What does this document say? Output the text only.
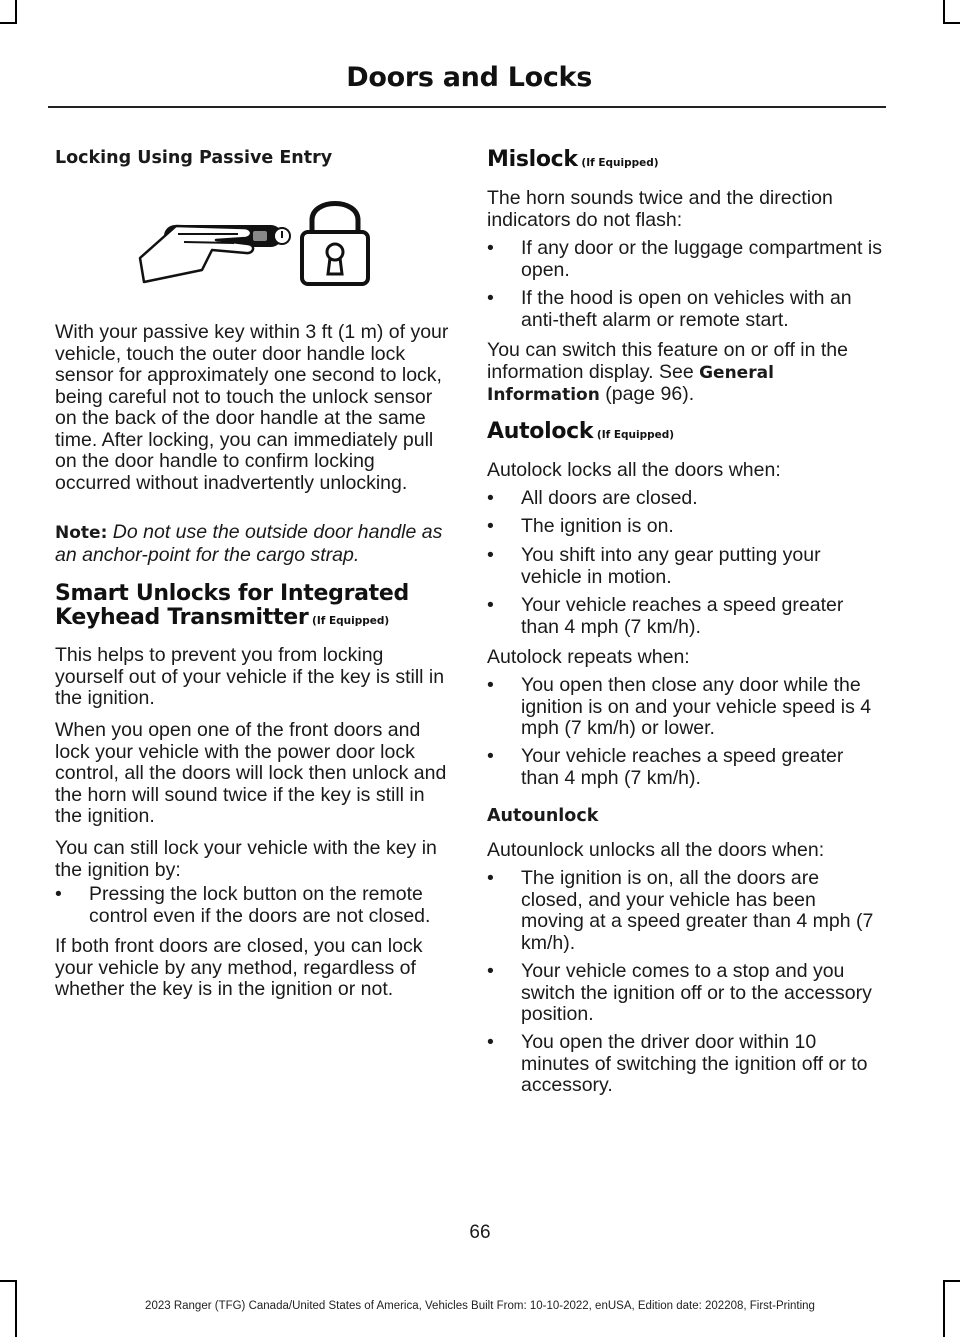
Doors and Locks

Locking Using Passive Entry

With your passive key within 3 ft (1 m) of your vehicle, touch the outer door handle lock sensor for approximately one second to lock, being careful not to touch the unlock sensor on the back of the door handle at the same time. After locking, you can immediately pull on the door handle to confirm locking occurred without inadvertently unlocking.

Note: Do not use the outside door handle as an anchor-point for the cargo strap.

Smart Unlocks for Integrated
Keyhead Transmitter (If Equipped)

This helps to prevent you from locking yourself out of your vehicle if the key is still in the ignition.

When you open one of the front doors and lock your vehicle with the power door lock control, all the doors will lock then unlock and the horn will sound twice if the key is still in the ignition.

You can still lock your vehicle with the key in the ignition by:

• Pressing the lock button on the remote control even if the doors are not closed.

If both front doors are closed, you can lock your vehicle by any method, regardless of whether the key is in the ignition or not.

Mislock (If Equipped)

The horn sounds twice and the direction indicators do not flash:

• If any door or the luggage compartment is open.

• If the hood is open on vehicles with an anti-theft alarm or remote start.

You can switch this feature on or off in the information display. See General Information (page 96).

Autolock (If Equipped)

Autolock locks all the doors when:

• All doors are closed.

• The ignition is on.

• You shift into any gear putting your vehicle in motion.

• Your vehicle reaches a speed greater than 4 mph (7 km/h).

Autolock repeats when:

• You open then close any door while the ignition is on and your vehicle speed is 4 mph (7 km/h) or lower.

• Your vehicle reaches a speed greater than 4 mph (7 km/h).

Autounlock

Autounlock unlocks all the doors when:

• The ignition is on, all the doors are closed, and your vehicle has been moving at a speed greater than 4 mph (7 km/h).

• Your vehicle comes to a stop and you switch the ignition off or to the accessory position.

• You open the driver door within 10 minutes of switching the ignition off or to accessory.

66
2023 Ranger (TFG) Canada/United States of America, Vehicles Built From: 10-10-2022, enUSA, Edition date: 202208, First-Printing
